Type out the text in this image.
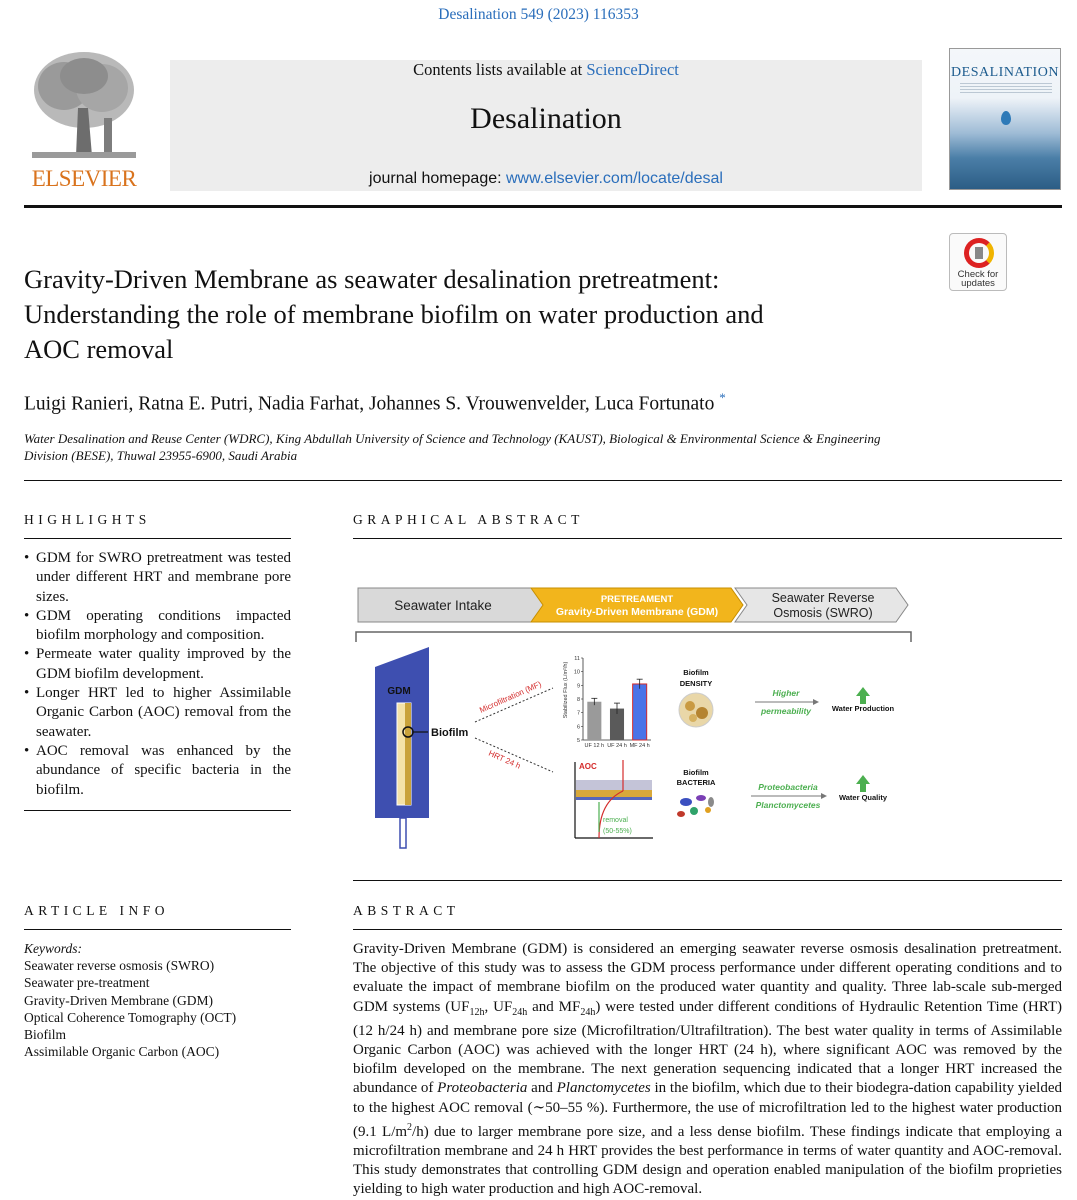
Desalination 549 (2023) 116353
ELSEVIER
Contents lists available at ScienceDirect
Desalination
journal homepage: www.elsevier.com/locate/desal
DESALINATION
Gravity-Driven Membrane as seawater desalination pretreatment:
Understanding the role of membrane biofilm on water production and
AOC removal
Check for
updates
Luigi Ranieri, Ratna E. Putri, Nadia Farhat, Johannes S. Vrouwenvelder, Luca Fortunato *
Water Desalination and Reuse Center (WDRC), King Abdullah University of Science and Technology (KAUST), Biological & Environmental Science & Engineering
Division (BESE), Thuwal 23955-6900, Saudi Arabia
HIGHLIGHTS	GRAPHICAL ABSTRACT
• GDM for SWRO pretreatment was tested under different HRT and membrane pore sizes.
• GDM operating conditions impacted biofilm morphology and composition.
• Permeate water quality improved by the GDM biofilm development.
• Longer HRT led to higher Assimilable Organic Carbon (AOC) removal from the seawater.
• AOC removal was enhanced by the abundance of specific bacteria in the biofilm.
Seawater Intake	PRETREAMENT
Gravity-Driven Membrane (GDM)
Seawater Reverse
Osmosis (SWRO)
GDM
Biofilm
Microfiltration (MF)
HRT 24 h
5
6
7
8
9
10
11
UF 12 h UF 24 h MF 24 h
Stabilized Flux (L/m²/h)
AOC
removal
(50-55%)
Biofilm
DENSITY
Higher
permeability	Water Production
Biofilm
BACTERIA	Proteobacteria
Planctomycetes
Water Quality
ARTICLE INFO	ABSTRACT
Keywords:
Seawater reverse osmosis (SWRO)
Seawater pre-treatment
Gravity-Driven Membrane (GDM)
Optical Coherence Tomography (OCT)
Biofilm
Assimilable Organic Carbon (AOC)
Gravity-Driven Membrane (GDM) is considered an emerging seawater reverse osmosis desalination pretreatment. The objective of this study was to assess the GDM process performance under different operating conditions and to evaluate the impact of membrane biofilm on the produced water quantity and quality. Three lab-scale sub-merged GDM systems ($UF_{12h}$, $UF_{24h}$ and $MF_{24h}$) were tested under different conditions of Hydraulic Retention Time (HRT) (12 h/24 h) and membrane pore size (Microfiltration/Ultrafiltration). The best water quality in terms of Assimilable Organic Carbon (AOC) was achieved with the longer HRT (24 h), where significant AOC was removed by the biofilm developed on the membrane. The next generation sequencing indicated that a longer HRT increased the abundance of Proteobacteria and Planctomycetes in the biofilm, which due to their biodegra-dation capability yielded to the highest AOC removal (∼50–55 %). Furthermore, the use of microfiltration led to the highest water production (9.1 $L/m^2/h$) due to larger membrane pore size, and a less dense biofilm. These findings indicate that employing a microfiltration membrane and 24 h HRT provides the best performance in terms of water quantity and AOC-removal. This study demonstrates that controlling GDM design and operation enabled manipulation of the biofilm proprieties yielding to high water production and high AOC-removal.
